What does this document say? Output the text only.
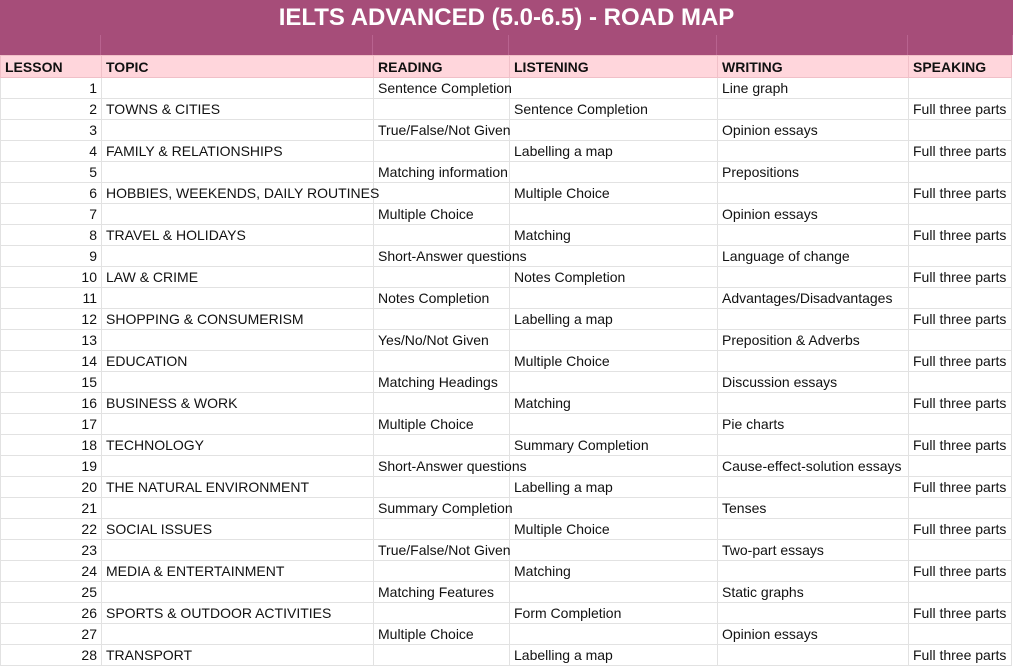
IELTS ADVANCED (5.0-6.5) - ROAD MAP
LESSON	TOPIC	READING	LISTENING	WRITING	SPEAKING
1		Sentence Completion		Line graph	
2	TOWNS & CITIES		Sentence Completion		Full three parts
3		True/False/Not Given		Opinion essays	
4	FAMILY & RELATIONSHIPS		Labelling a map		Full three parts
5		Matching information		Prepositions	
6	HOBBIES, WEEKENDS, DAILY ROUTINES		Multiple Choice		Full three parts
7		Multiple Choice		Opinion essays	
8	TRAVEL & HOLIDAYS		Matching		Full three parts
9		Short-Answer questions		Language of change	
10	LAW & CRIME		Notes Completion		Full three parts
11		Notes Completion		Advantages/Disadvantages	
12	SHOPPING & CONSUMERISM		Labelling a map		Full three parts
13		Yes/No/Not Given		Preposition & Adverbs	
14	EDUCATION		Multiple Choice		Full three parts
15		Matching Headings		Discussion essays	
16	BUSINESS & WORK		Matching		Full three parts
17		Multiple Choice		Pie charts	
18	TECHNOLOGY		Summary Completion		Full three parts
19		Short-Answer questions		Cause-effect-solution essays	
20	THE NATURAL ENVIRONMENT		Labelling a map		Full three parts
21		Summary Completion		Tenses	
22	SOCIAL ISSUES		Multiple Choice		Full three parts
23		True/False/Not Given		Two-part essays	
24	MEDIA & ENTERTAINMENT		Matching		Full three parts
25		Matching Features		Static graphs	
26	SPORTS & OUTDOOR ACTIVITIES		Form Completion		Full three parts
27		Multiple Choice		Opinion essays	
28	TRANSPORT		Labelling a map		Full three parts
